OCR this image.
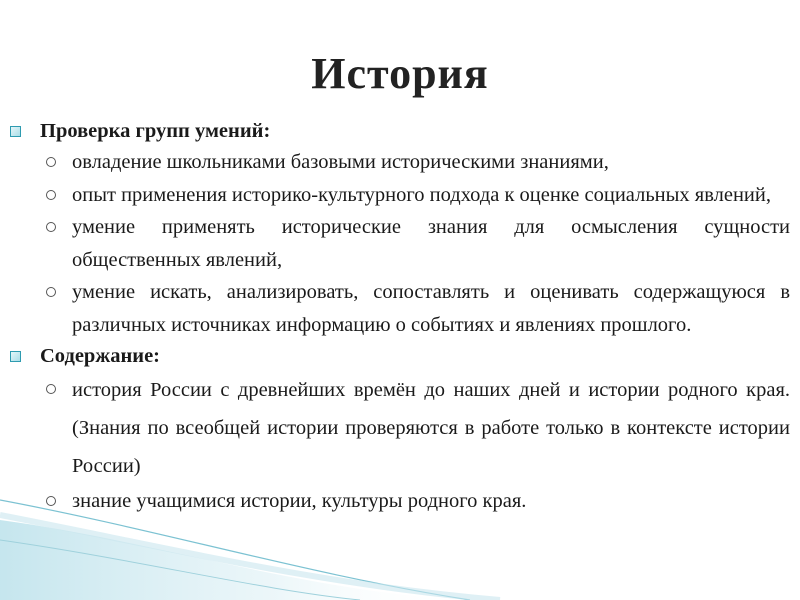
История
Проверка групп умений:
овладение школьниками базовыми историческими знаниями,
опыт применения историко-культурного подхода к оценке социальных явлений,
умение применять исторические знания для осмысления сущности общественных явлений,
умение искать, анализировать, сопоставлять и оценивать содержащуюся в различных источниках информацию о событиях и явлениях прошлого.
Содержание:
история России с древнейших времён до наших дней и истории родного края. (Знания по всеобщей истории проверяются в работе только в контексте истории России)
знание учащимися истории, культуры родного края.
